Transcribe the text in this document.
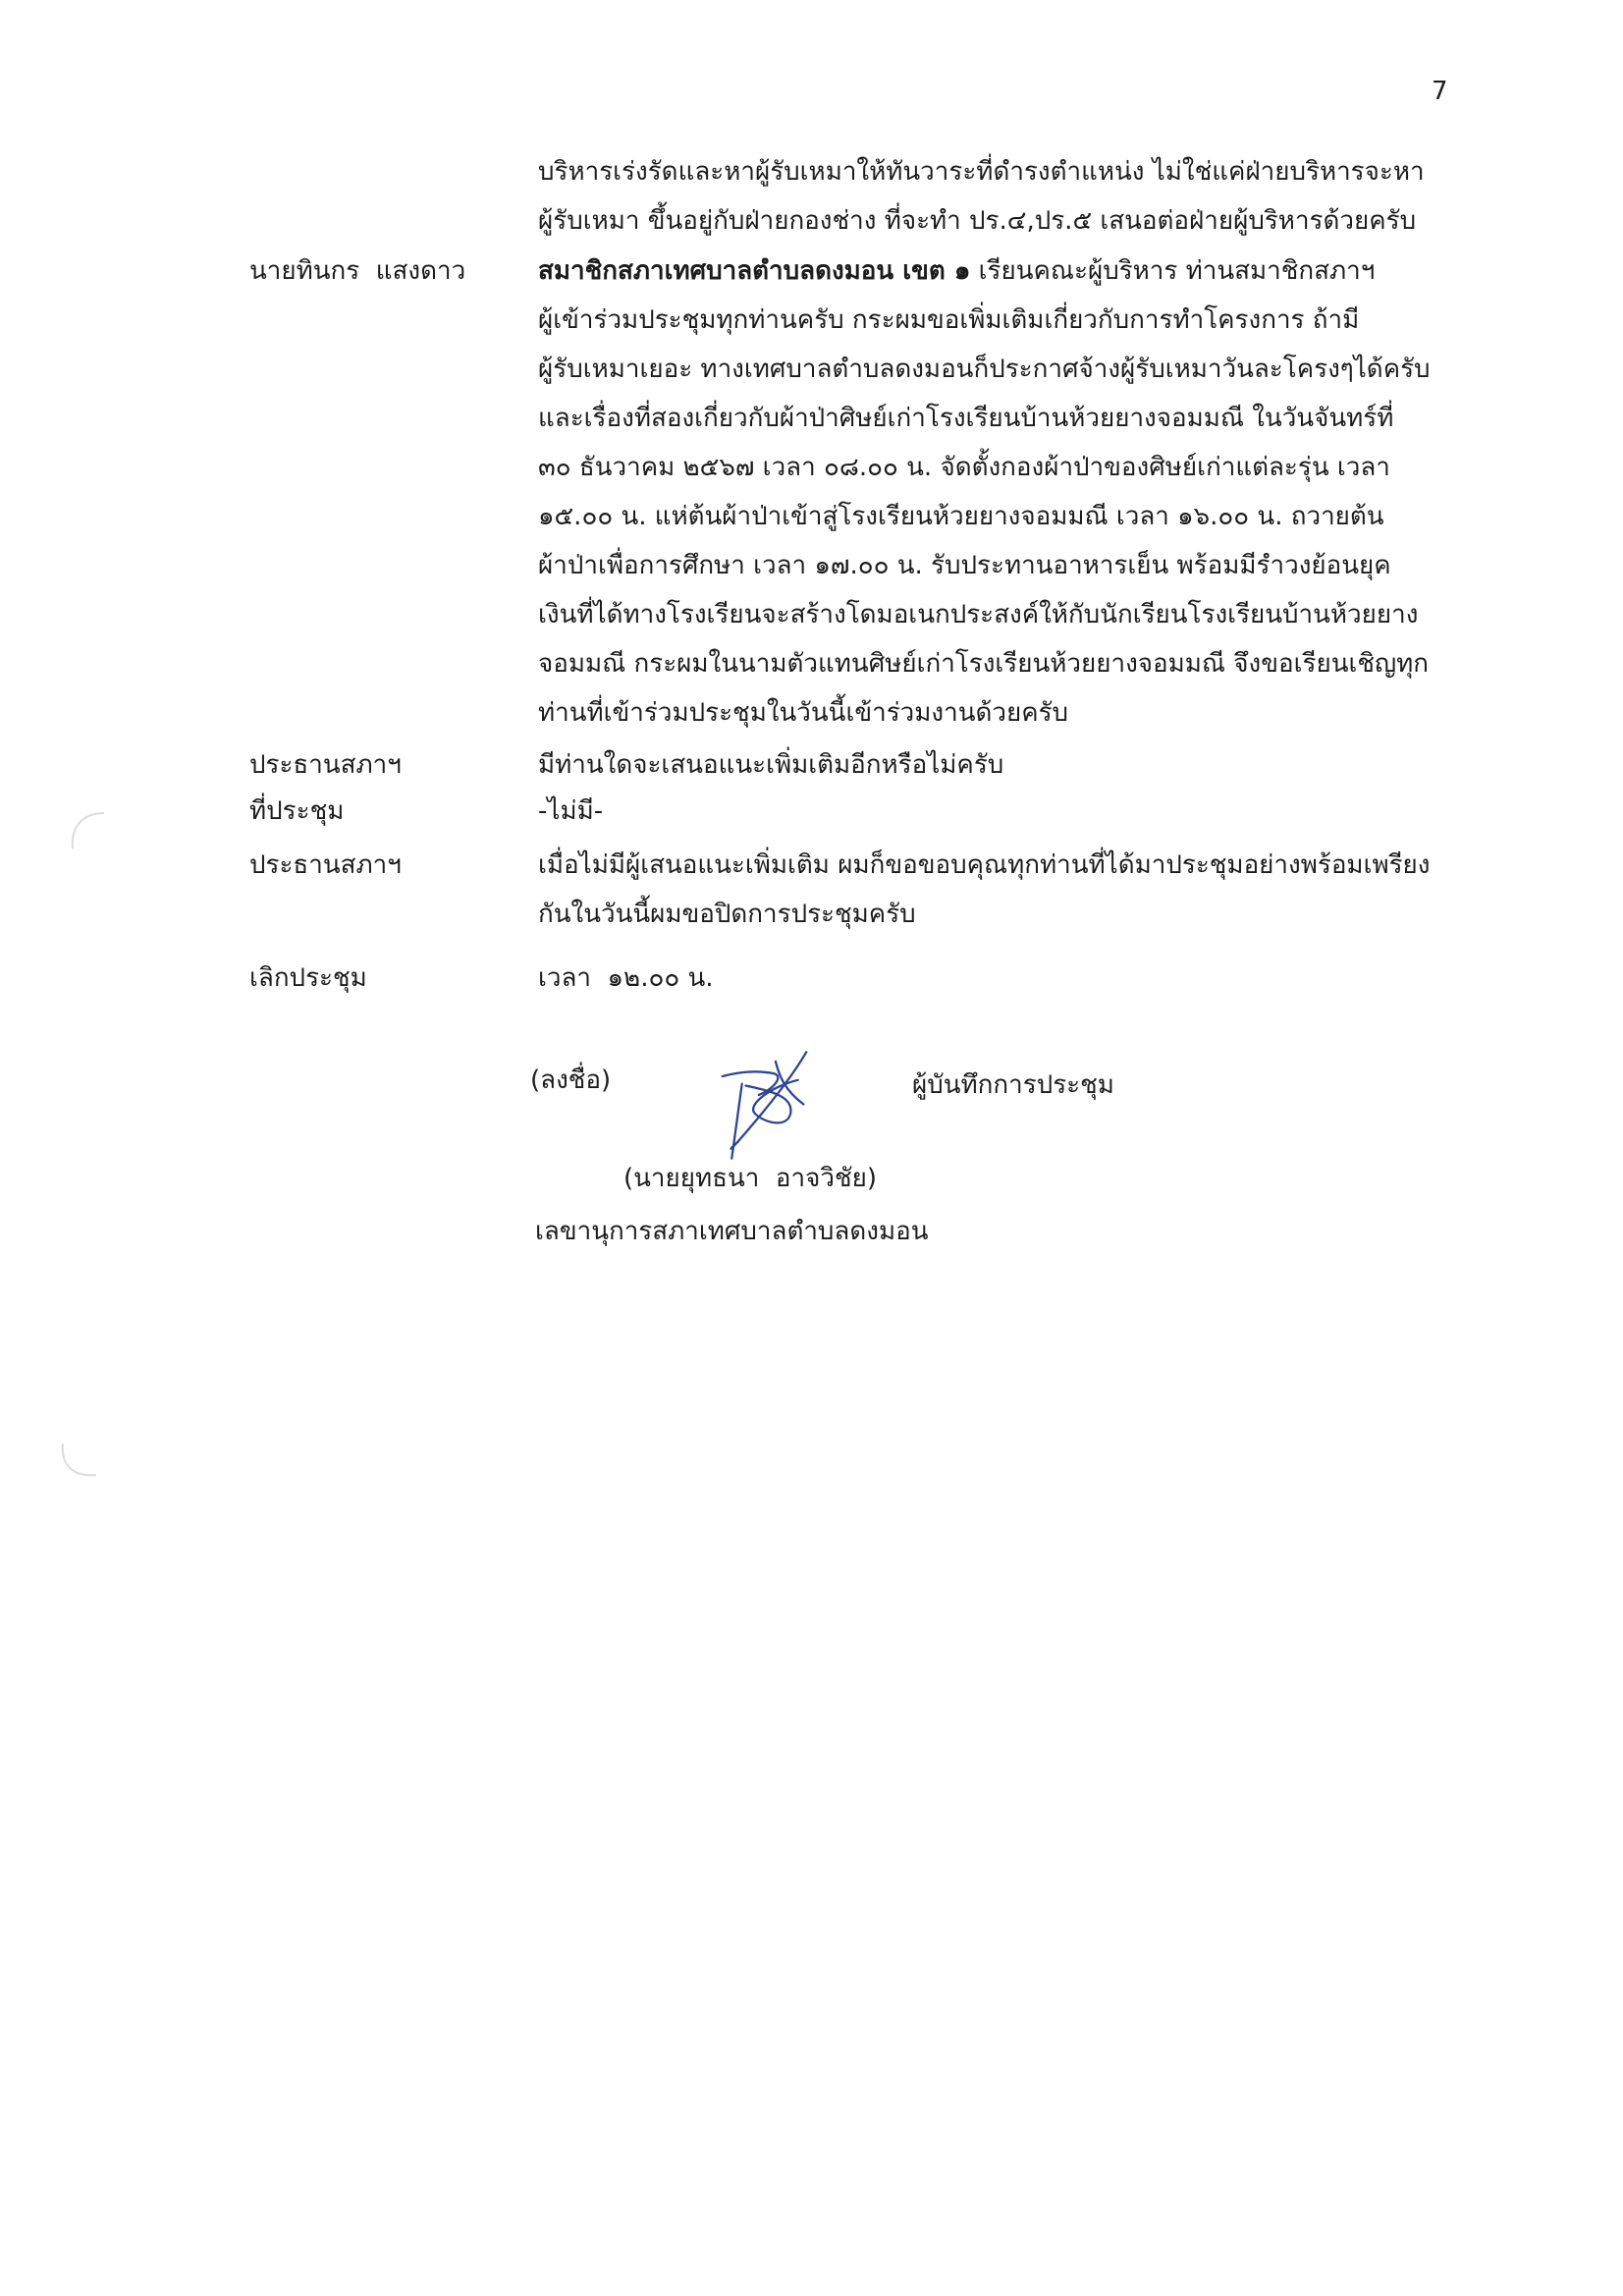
7
บริหารเร่งรัดและหาผู้รับเหมาให้ทันวาระที่ดำรงตำแหน่ง ไม่ใช่แค่ฝ่ายบริหารจะหา
ผู้รับเหมา ขึ้นอยู่กับฝ่ายกองช่าง ที่จะทำ ปร.๔,ปร.๕ เสนอต่อฝ่ายผู้บริหารด้วยครับ
นายทินกร  แสงดาว	สมาชิกสภาเทศบาลตำบลดงมอน เขต ๑ เรียนคณะผู้บริหาร ท่านสมาชิกสภาฯ
ผู้เข้าร่วมประชุมทุกท่านครับ กระผมขอเพิ่มเติมเกี่ยวกับการทำโครงการ ถ้ามี
ผู้รับเหมาเยอะ ทางเทศบาลตำบลดงมอนก็ประกาศจ้างผู้รับเหมาวันละโครงๆได้ครับ
และเรื่องที่สองเกี่ยวกับผ้าป่าศิษย์เก่าโรงเรียนบ้านห้วยยางจอมมณี ในวันจันทร์ที่
๓๐ ธันวาคม ๒๕๖๗ เวลา ๐๘.๐๐ น. จัดตั้งกองผ้าป่าของศิษย์เก่าแต่ละรุ่น เวลา
๑๕.๐๐ น. แห่ต้นผ้าป่าเข้าสู่โรงเรียนห้วยยางจอมมณี เวลา ๑๖.๐๐ น. ถวายต้น
ผ้าป่าเพื่อการศึกษา เวลา ๑๗.๐๐ น. รับประทานอาหารเย็น พร้อมมีรำวงย้อนยุค
เงินที่ได้ทางโรงเรียนจะสร้างโดมอเนกประสงค์ให้กับนักเรียนโรงเรียนบ้านห้วยยาง
จอมมณี กระผมในนามตัวแทนศิษย์เก่าโรงเรียนห้วยยางจอมมณี จึงขอเรียนเชิญทุก
ท่านที่เข้าร่วมประชุมในวันนี้เข้าร่วมงานด้วยครับ
ประธานสภาฯ	มีท่านใดจะเสนอแนะเพิ่มเติมอีกหรือไม่ครับ
ที่ประชุม	-ไม่มี-
ประธานสภาฯ	เมื่อไม่มีผู้เสนอแนะเพิ่มเติม ผมก็ขอขอบคุณทุกท่านที่ได้มาประชุมอย่างพร้อมเพรียง
กันในวันนี้ผมขอปิดการประชุมครับ
เลิกประชุม	เวลา  ๑๒.๐๐ น.
(ลงชื่อ)	ผู้บันทึกการประชุม
(นายยุทธนา  อาจวิชัย)
เลขานุการสภาเทศบาลตำบลดงมอน
